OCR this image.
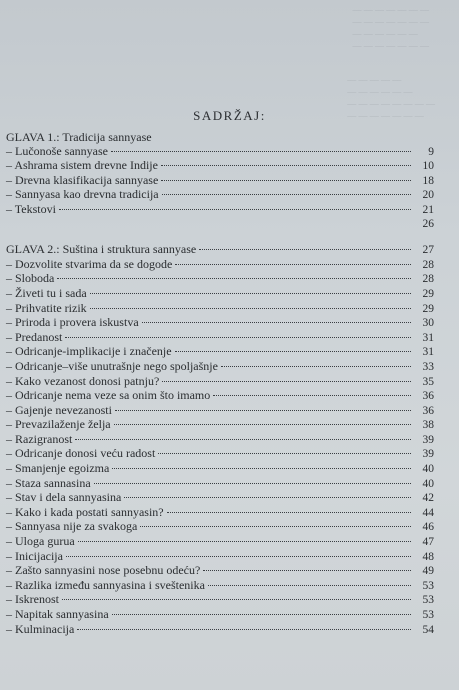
— — — — — — —
— — — — — — —
— — — — — —
— — — — — — —
— — — — —
— — — — — —
— — — — — — — —
— — — — — — —
SADRŽAJ:
GLAVA 1.: Tradicija sannyase
– Lučonoše sannyase	9
– Ashrama sistem drevne Indije	10
– Drevna klasifikacija sannyase	18
– Sannyasa kao drevna tradicija	20
– Tekstovi	21
26
GLAVA 2.: Suština i struktura sannyase	27
– Dozvolite stvarima da se dogode	28
– Sloboda	28
– Živeti tu i sada	29
– Prihvatite rizik	29
– Priroda i provera iskustva	30
– Predanost	31
– Odricanje-implikacije i značenje	31
– Odricanje–više unutrašnje nego spoljašnje	33
– Kako vezanost donosi patnju?	35
– Odricanje nema veze sa onim što imamo	36
– Gajenje nevezanosti	36
– Prevazilaženje želja	38
– Razigranost	39
– Odricanje donosi veću radost	39
– Smanjenje egoizma	40
– Staza sannasina	40
– Stav i dela sannyasina	42
– Kako i kada postati sannyasin?	44
– Sannyasa nije za svakoga	46
– Uloga gurua	47
– Inicijacija	48
– Zašto sannyasini nose posebnu odeću?	49
– Razlika između sannyasina i sveštenika	53
– Iskrenost	53
– Napitak sannyasina	53
– Kulminacija	54
